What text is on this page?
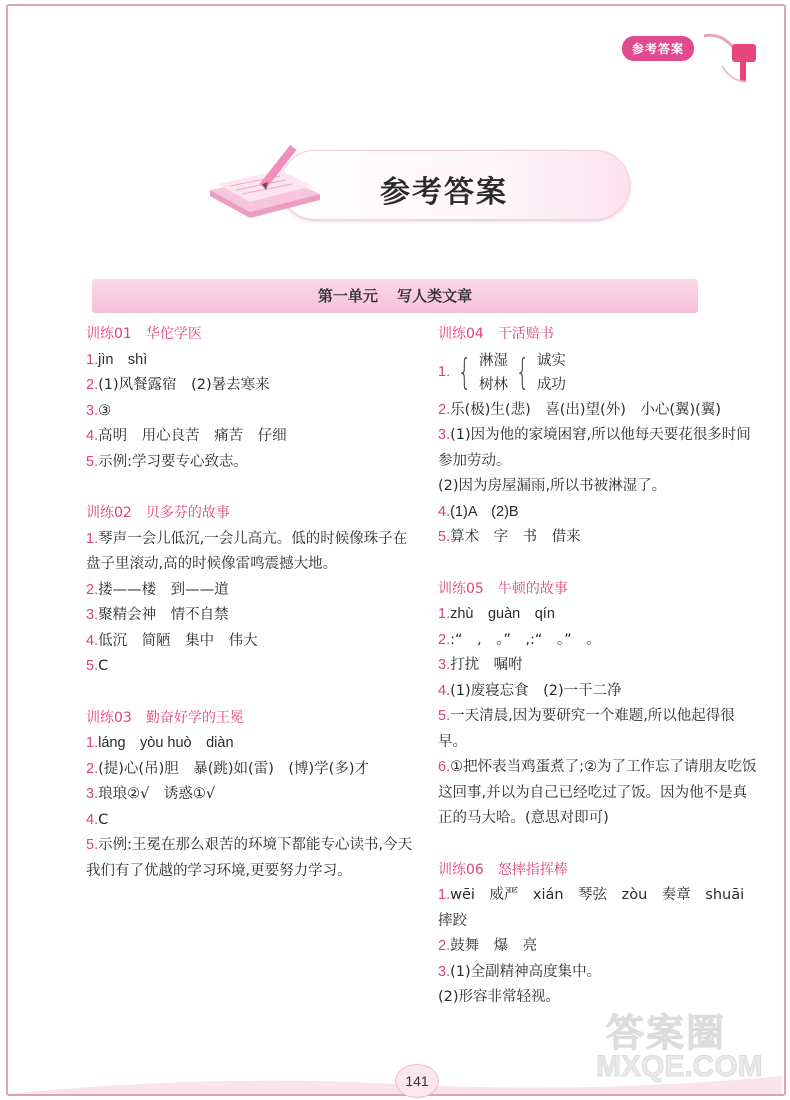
参考答案
参考答案
第一单元 写人类文章
训练01 华佗学医
1.jìn　shì
2.(1)风餐露宿　(2)暑去寒来
3.③
4.高明　用心良苦　痛苦　仔细
5.示例:学习要专心致志。
训练02 贝多芬的故事
1.琴声一会儿低沉,一会儿高亢。低的时候像珠子在盘子里滚动,高的时候像雷鸣震撼大地。
2.搂——楼　到——道
3.聚精会神　情不自禁
4.低沉　简陋　集中　伟大
5.C
训练03 勤奋好学的王冕
1.láng　yòu huò　diàn
2.(提)心(吊)胆　暴(跳)如(雷)　(博)学(多)才
3.琅琅②√　诱惑①√
4.C
5.示例:王冕在那么艰苦的环境下都能专心读书,今天我们有了优越的学习环境,更要努力学习。
训练04 干活赔书
1. { 淋湿
树林 { 诚实
成功
2.乐(极)生(悲)　喜(出)望(外)　小心(翼)(翼)
3.(1)因为他的家境困窘,所以他每天要花很多时间参加劳动。
(2)因为房屋漏雨,所以书被淋湿了。
4.(1)A　(2)B
5.算术　字　书　借来
训练05 牛顿的故事
1.zhù　guàn　qín
2.:“　,　。”　,:“　。”　。
3.打扰　嘱咐
4.(1)废寝忘食　(2)一干二净
5.一天清晨,因为要研究一个难题,所以他起得很早。
6.①把怀表当鸡蛋煮了;②为了工作忘了请朋友吃饭这回事,并以为自己已经吃过了饭。因为他不是真正的马大哈。(意思对即可)
训练06 怒摔指挥棒
1.wēi　威严　xián　琴弦　zòu　奏章　shuāi　摔跤
2.鼓舞　爆　亮
3.(1)全副精神高度集中。
(2)形容非常轻视。
141
答案圈
MXQE.COM
